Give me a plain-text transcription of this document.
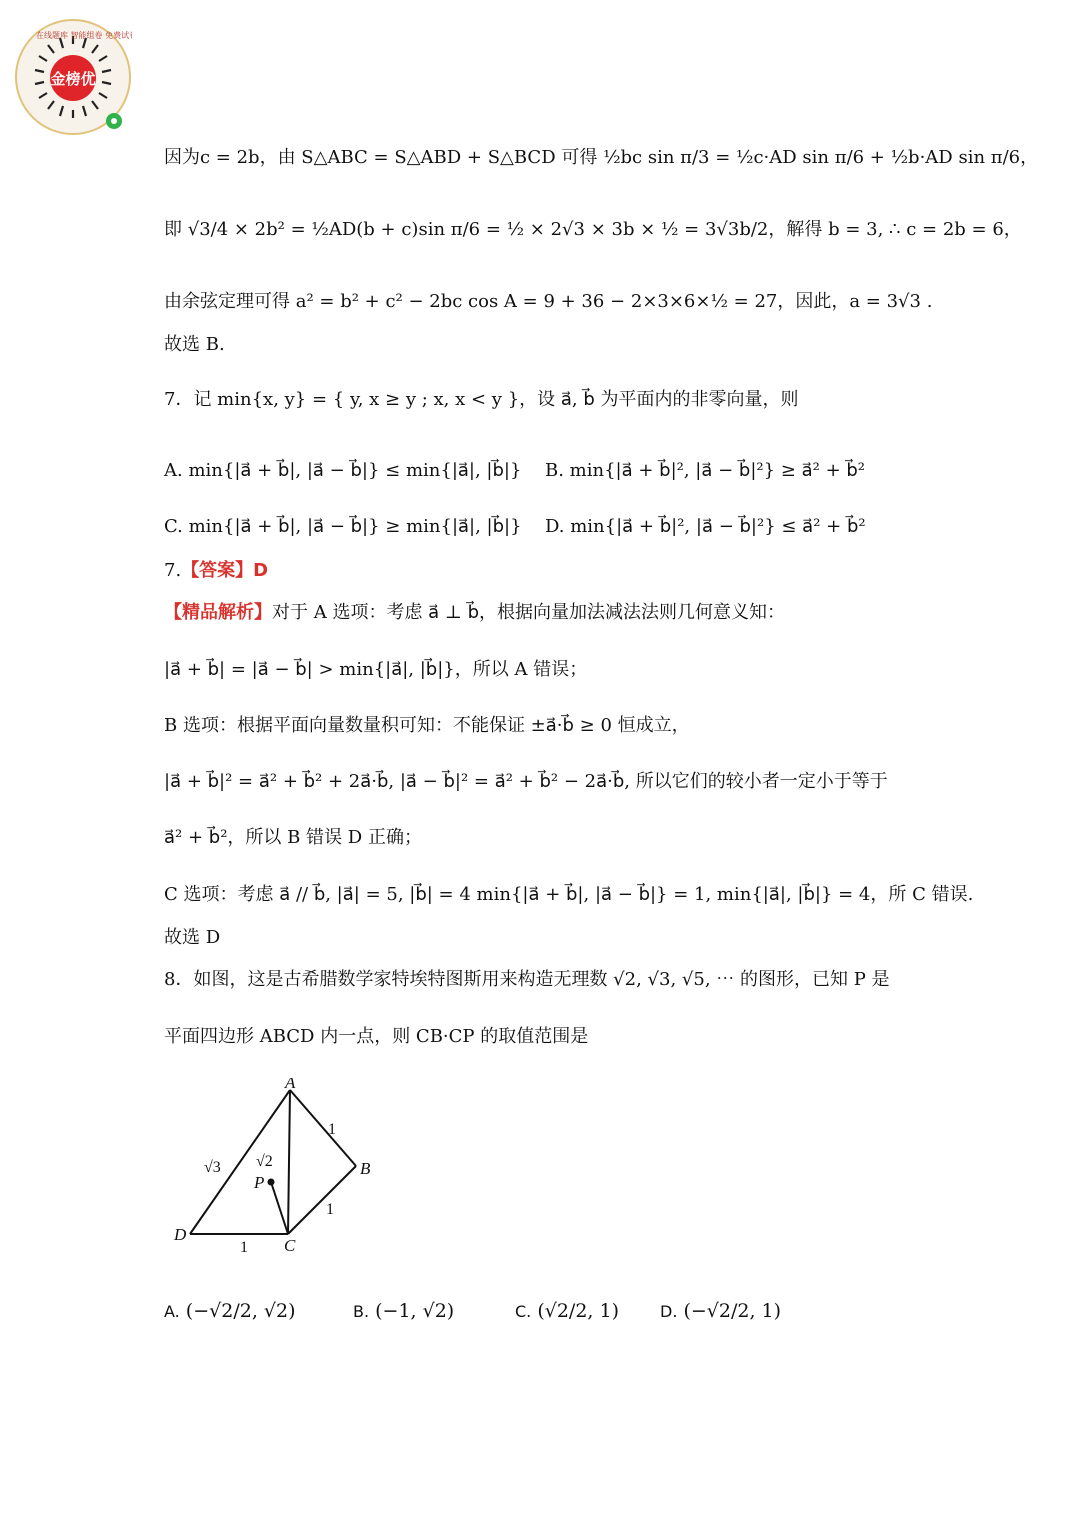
金榜优
在线题库 智能组卷 免费试卷
因为c = 2b，由 S△ABC = S△ABD + S△BCD 可得 ½bc sin π/3 = ½c·AD sin π/6 + ½b·AD sin π/6，
即 √3/4 × 2b² = ½AD(b + c)sin π/6 = ½ × 2√3 × 3b × ½ = 3√3b/2，解得 b = 3, ∴ c = 2b = 6，
由余弦定理可得 a² = b² + c² − 2bc cos A = 9 + 36 − 2×3×6×½ = 27，因此，a = 3√3 .
故选 B.
7．记 min{x, y} = { y, x ≥ y ; x, x < y }，设 a⃗, b⃗ 为平面内的非零向量，则
A. min{|a⃗ + b⃗|, |a⃗ − b⃗|} ≤ min{|a⃗|, |b⃗|} B. min{|a⃗ + b⃗|², |a⃗ − b⃗|²} ≥ a⃗² + b⃗²
C. min{|a⃗ + b⃗|, |a⃗ − b⃗|} ≥ min{|a⃗|, |b⃗|} D. min{|a⃗ + b⃗|², |a⃗ − b⃗|²} ≤ a⃗² + b⃗²
7.【答案】D
【精品解析】对于 A 选项：考虑 a⃗ ⊥ b⃗，根据向量加法减法法则几何意义知：
|a⃗ + b⃗| = |a⃗ − b⃗| > min{|a⃗|, |b⃗|}，所以 A 错误；
B 选项：根据平面向量数量积可知：不能保证 ±a⃗·b⃗ ≥ 0 恒成立，
|a⃗ + b⃗|² = a⃗² + b⃗² + 2a⃗·b⃗, |a⃗ − b⃗|² = a⃗² + b⃗² − 2a⃗·b⃗, 所以它们的较小者一定小于等于
a⃗² + b⃗²，所以 B 错误 D 正确；
C 选项：考虑 a⃗ // b⃗, |a⃗| = 5, |b⃗| = 4 min{|a⃗ + b⃗|, |a⃗ − b⃗|} = 1, min{|a⃗|, |b⃗|} = 4，所 C 错误.
故选 D
8．如图，这是古希腊数学家特埃特图斯用来构造无理数 √2, √3, √5, ⋯ 的图形，已知 P 是
平面四边形 ABCD 内一点，则 CB·CP 的取值范围是
A
B
C
D
P
√3 √2
1
1
1
A. (−√2/2, √2)	B. (−1, √2)	C. (√2/2, 1)	D. (−√2/2, 1)
